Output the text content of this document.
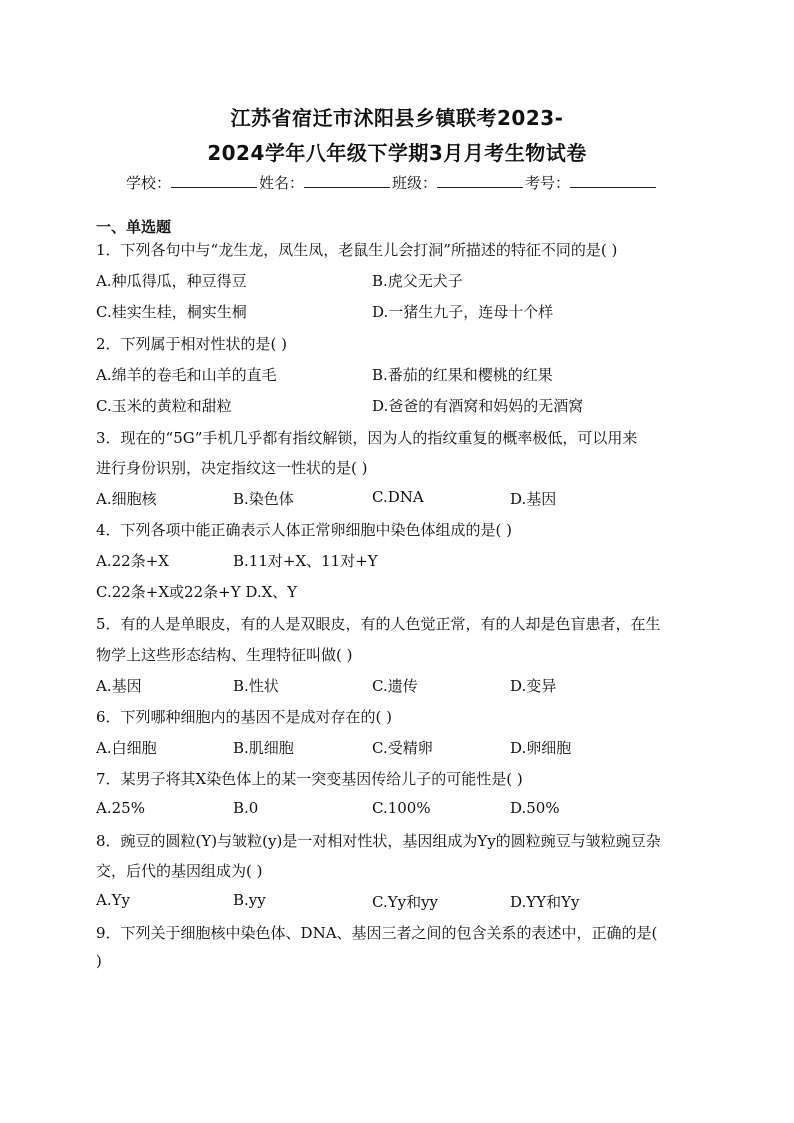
江苏省宿迁市沭阳县乡镇联考2023-
2024学年八年级下学期3月月考生物试卷
学校：	姓名：	班级：	考号：
一、单选题
1．下列各句中与“龙生龙，凤生凤，老鼠生儿会打洞”所描述的特征不同的是( )
A.种瓜得瓜，种豆得豆	B.虎父无犬子
C.桂实生桂，桐实生桐	D.一猪生九子，连母十个样
2．下列属于相对性状的是( )
A.绵羊的卷毛和山羊的直毛	B.番茄的红果和樱桃的红果
C.玉米的黄粒和甜粒	D.爸爸的有酒窝和妈妈的无酒窝
3．现在的“5G”手机几乎都有指纹解锁，因为人的指纹重复的概率极低，可以用来
进行身份识别，决定指纹这一性状的是( )
A.细胞核	B.染色体	C.DNA	D.基因
4．下列各项中能正确表示人体正常卵细胞中染色体组成的是( )
A.22条+X	B.11对+X、11对+Y
C.22条+X或22条+Y D.X、Y
5．有的人是单眼皮，有的人是双眼皮，有的人色觉正常，有的人却是色盲患者，在生
物学上这些形态结构、生理特征叫做( )
A.基因	B.性状	C.遗传	D.变异
6．下列哪种细胞内的基因不是成对存在的( )
A.白细胞	B.肌细胞	C.受精卵	D.卵细胞
7．某男子将其X染色体上的某一突变基因传给儿子的可能性是( )
A.25%	B.0	C.100%	D.50%
8．豌豆的圆粒(Y)与皱粒(y)是一对相对性状，基因组成为Yy的圆粒豌豆与皱粒豌豆杂
交，后代的基因组成为( )
A.Yy	B.yy	C.Yy和yy	D.YY和Yy
9．下列关于细胞核中染色体、DNA、基因三者之间的包含关系的表述中，正确的是(
)
